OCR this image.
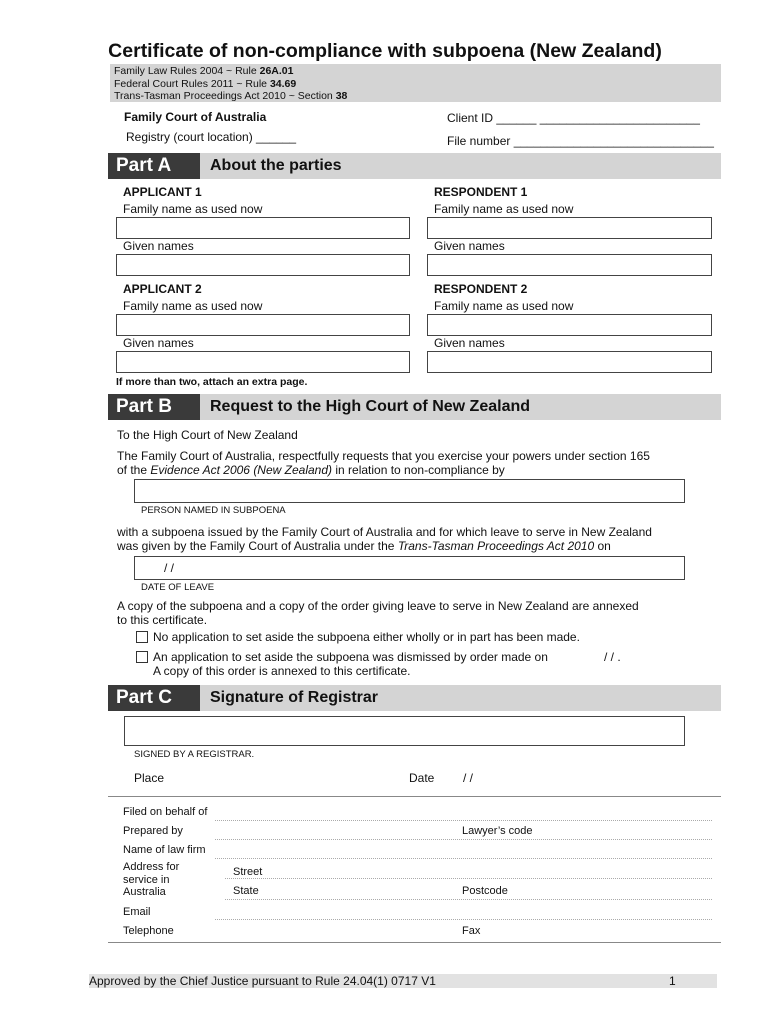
Certificate of non-compliance with subpoena (New Zealand)
Family Law Rules 2004 ~ Rule 26A.01
Federal Court Rules 2011 ~ Rule 34.69
Trans-Tasman Proceedings Act 2010 ~ Section 38
Family Court of Australia
Registry (court location) ______
Client ID ______ ________________________
File number ______________________________
Part A	About the parties
APPLICANT 1
Family name as used now
Given names
RESPONDENT 1
Family name as used now
Given names
APPLICANT 2
Family name as used now
Given names
RESPONDENT 2
Family name as used now
Given names
If more than two, attach an extra page.
Part B	Request to the High Court of New Zealand
To the High Court of New Zealand
The Family Court of Australia, respectfully requests that you exercise your powers under section 165
of the Evidence Act 2006 (New Zealand) in relation to non-compliance by
PERSON NAMED IN SUBPOENA
with a subpoena issued by the Family Court of Australia and for which leave to serve in New Zealand
was given by the Family Court of Australia under the Trans-Tasman Proceedings Act 2010 on
/ /
DATE OF LEAVE
A copy of the subpoena and a copy of the order giving leave to serve in New Zealand are annexed
to this certificate.
No application to set aside the subpoena either wholly or in part has been made.
An application to set aside the subpoena was dismissed by order made on	/ / .
A copy of this order is annexed to this certificate.
Part C	Signature of Registrar
SIGNED BY A REGISTRAR.
Place	Date / /
Filed on behalf of
Prepared by	Lawyer’s code
Name of law firm
Address for
service in
Australia
Street
State	Postcode
Email
Telephone	Fax
Approved by the Chief Justice pursuant to Rule 24.04(1) 0717 V1	1
